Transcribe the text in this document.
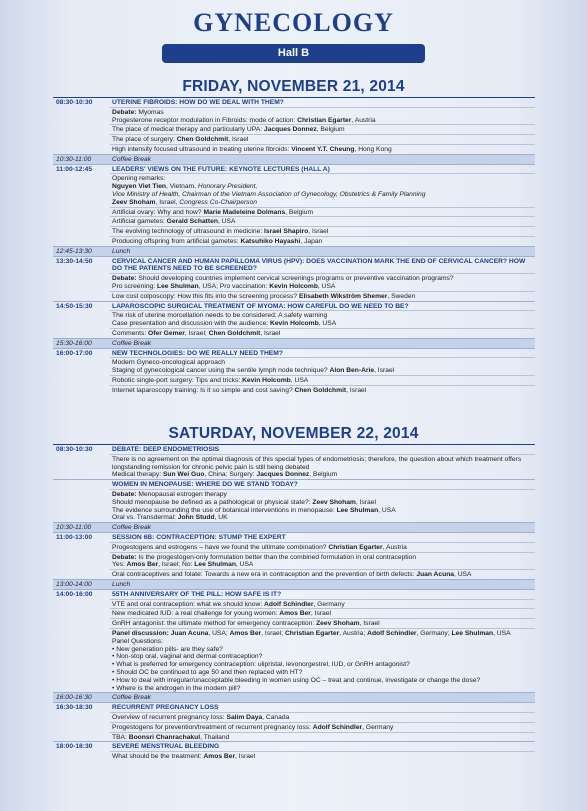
GYNECOLOGY
Hall B
FRIDAY, NOVEMBER 21, 2014
08:30-10:30	UTERINE FIBROIDS: HOW DO WE DEAL WITH THEM?
Debate: Myomas
Progesterone receptor modulation in Fibroids: mode of action: Christian Egarter, Austria
The place of medical therapy and particularly UPA: Jacques Donnez, Belgium
The place of surgery: Chen Goldchmit, Israel
High intensity focused ultrasound in treating uterine fibroids: Vincent Y.T. Cheung, Hong Kong
10:30-11:00	Coffee Break
11:00-12:45	LEADERS' VIEWS ON THE FUTURE: KEYNOTE LECTURES (HALL A)
Opening remarks:
Nguyen Viet Tien, Vietnam, Honorary President,
Vice Ministry of Health, Chairman of the Vietnam Association of Gynecology, Obstetrics & Family Planning
Zeev Shoham, Israel, Congress Co-Chairperson
Artificial ovary: Why and how? Marie Madeleine Dolmans, Belgium
Artificial gametes: Gerald Schatten, USA
The evolving technology of ultrasound in medicine: Israel Shapiro, Israel
Producing offspring from artificial gametes: Katsuhiko Hayashi, Japan
12:45-13:30	Lunch
13:30-14:50	CERVICAL CANCER AND HUMAN PAPILLOMA VIRUS (HPV): DOES VACCINATION MARK THE END OF CERVICAL CANCER? HOW DO THE PATIENTS NEED TO BE SCREENED?
Debate: Should developing countries implement cervical screenings programs or preventive vaccination programs?
Pro screening: Lee Shulman, USA; Pro vaccination: Kevin Holcomb, USA
Low cost colposcopy: How this fits into the screening process? Elisabeth Wikström Shemer, Sweden
14:50-15:30	LAPAROSCOPIC SURGICAL TREATMENT OF MYOMA: HOW CAREFUL DO WE NEED TO BE?
The risk of uterine morcellation needs to be considered: A safety warning
Case presentation and discussion with the audience: Kevin Holcomb, USA
Comments: Ofer Gemer, Israel; Chen Goldchmit, Israel
15:30-16:00	Coffee Break
16:00-17:00	NEW TECHNOLOGIES: DO WE REALLY NEED THEM?
Modern Gyneco-oncological approach
Staging of gynecological cancer using the sentile lymph node technique? Alon Ben-Arie, Israel
Robotic single-port surgery: Tips and tricks: Kevin Holcomb, USA
Internet laparoscopy training: Is it so simple and cost saving? Chen Goldchmit, Israel
SATURDAY, NOVEMBER 22, 2014
08:30-10:30	DEBATE: DEEP ENDOMETRIOSIS
There is no agreement on the optimal diagnosis of this special types of endometriosis; therefore, the question about which treatment offers longstanding remission for chronic pelvic pain is still being debated
Medical therapy: Sun Wei Guo, China; Surgery: Jacques Donnez, Belgium
WOMEN IN MENOPAUSE: WHERE DO WE STAND TODAY?
Debate: Menopausal estrogen therapy
Should menopause be defined as a pathological or physical state?: Zeev Shoham, Israel
The evidence surrounding the use of botanical interventions in menopause: Lee Shulman, USA
Oral vs. Transdermal: John Studd, UK
10:30-11:00	Coffee Break
11:00-13:00	SESSION 6B: CONTRACEPTION: STUMP THE EXPERT
Progestogens and estrogens – have we found the ultimate combination? Christian Egarter, Austria
Debate: Is the progestogen-only formulation better than the combined formulation in oral contraception
Yes: Amos Ber, Israel; No: Lee Shulman, USA
Oral contraceptives and folate: Towards a new era in contraception and the prevention of birth defects: Juan Acuna, USA
13:00-14:00	Lunch
14:00-16:00	55TH ANNIVERSARY OF THE PILL: HOW SAFE IS IT?
VTE and oral contraception: what we should know: Adolf Schindler, Germany
New medicated IUD: a real challenge for young women: Amos Ber, Israel
GnRH antagonist: the ultimate method for emergency contraception: Zeev Shoham, Israel
Panel discussion: Juan Acuna, USA; Amos Ber, Israel; Christian Egarter, Austria; Adolf Schindler, Germany; Lee Shulman, USA
Panel Questions:
• New generation pills- are they safe?
• Non-stop oral, vaginal and dermal contraception?
• What is preferred for emergency contraception: ulipristal, levonorgestrel, IUD, or GnRH antagonist?
• Should OC be continued to age 50 and then replaced with HT?
• How to deal with irregular/unacceptable bleeding in women using OC – treat and continue, investigate or change the dose?
• Where is the androgen in the modern pill?
16:00-16:30	Coffee Break
16:30-18:30	RECURRENT PREGNANCY LOSS
Overview of recurrent pregnancy loss: Salim Daya, Canada
Progestogens for prevention/treatment of recurrent pregnancy loss: Adolf Schindler, Germany
TBA: Boonsri Chanrachakul, Thailand
18:00-18:30	SEVERE MENSTRUAL BLEEDING
What should be the treatment: Amos Ber, Israel
